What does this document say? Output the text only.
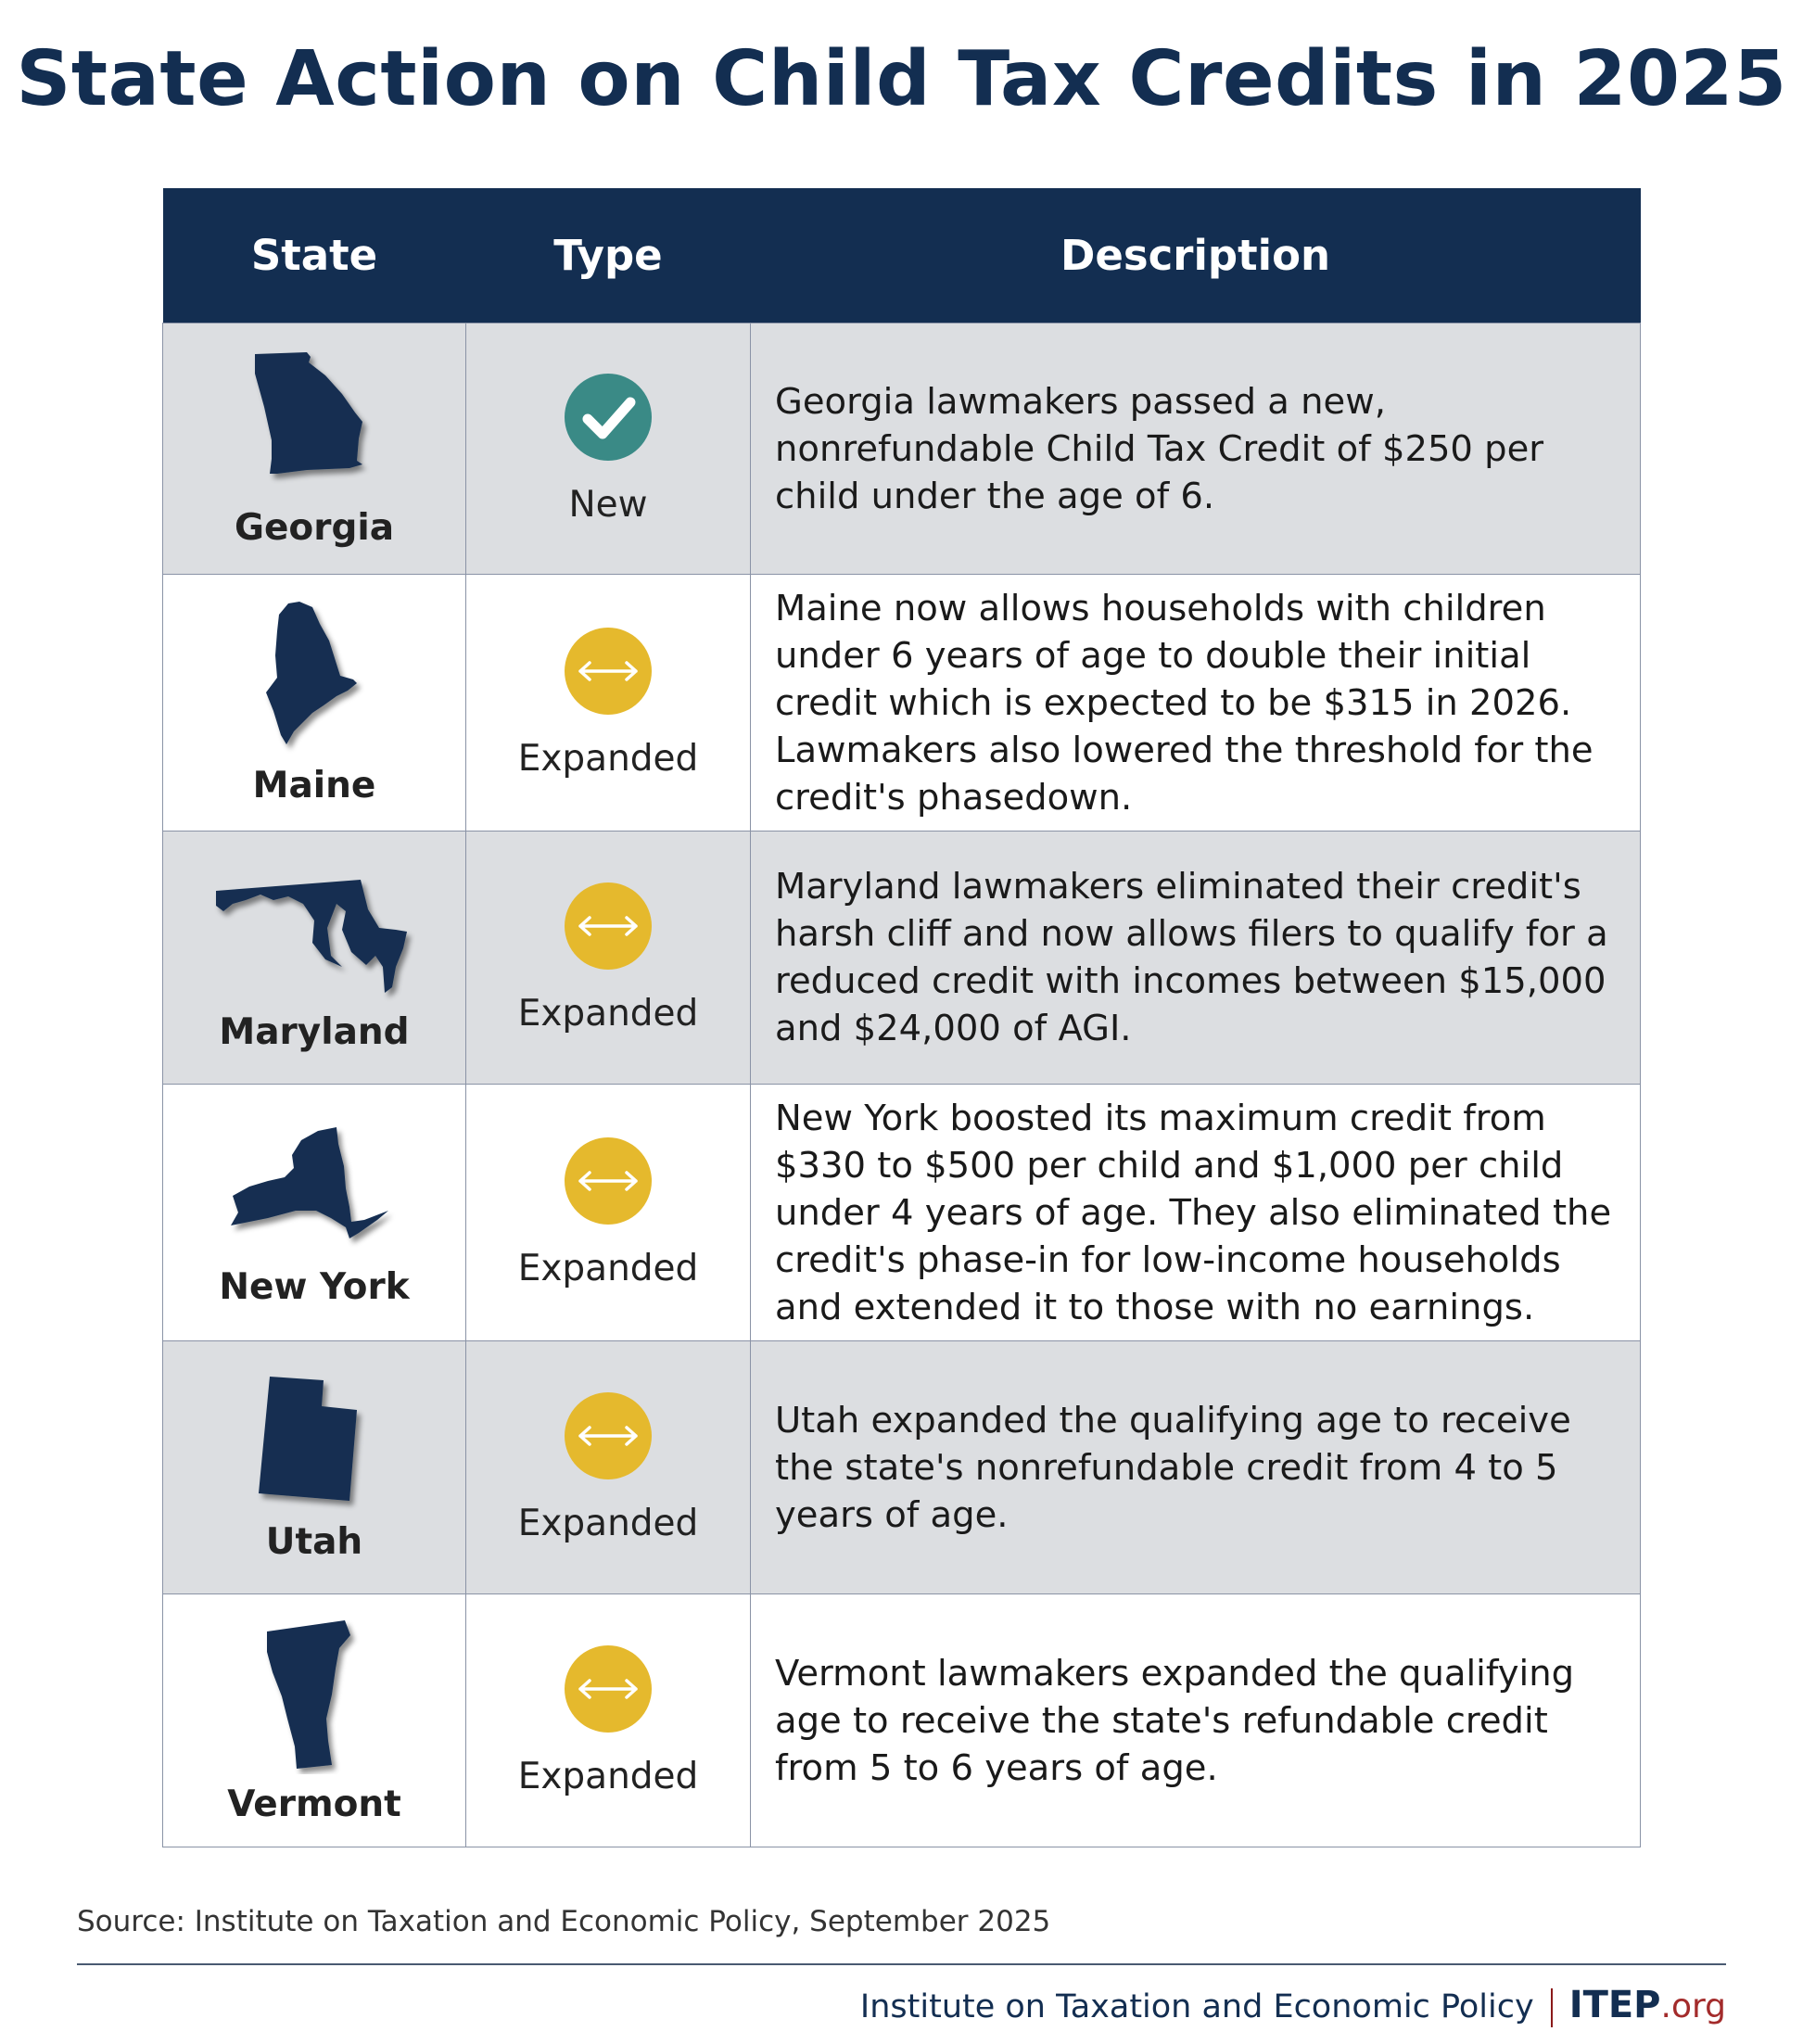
State Action on Child Tax Credits in 2025
State	Type	Description

Georgia	New	Georgia lawmakers passed a new, nonrefundable Child Tax Credit of $250 per child under the age of 6.

Maine	Expanded	Maine now allows households with children under 6 years of age to double their initial credit which is expected to be $315 in 2026. Lawmakers also lowered the threshold for the credit's phasedown.

Maryland	Expanded	Maryland lawmakers eliminated their credit's harsh cliff and now allows filers to qualify for a reduced credit with incomes between $15,000 and $24,000 of AGI.

New York	Expanded	New York boosted its maximum credit from $330 to $500 per child and $1,000 per child under 4 years of age. They also eliminated the credit's phase-in for low-income households and extended it to those with no earnings.

Utah	Expanded	Utah expanded the qualifying age to receive the state's nonrefundable credit from 4 to 5 years of age.

Vermont	Expanded	Vermont lawmakers expanded the qualifying age to receive the state's refundable credit from 5 to 6 years of age.
Source: Institute on Taxation and Economic Policy, September 2025
Institute on Taxation and Economic Policy ITEP.org
